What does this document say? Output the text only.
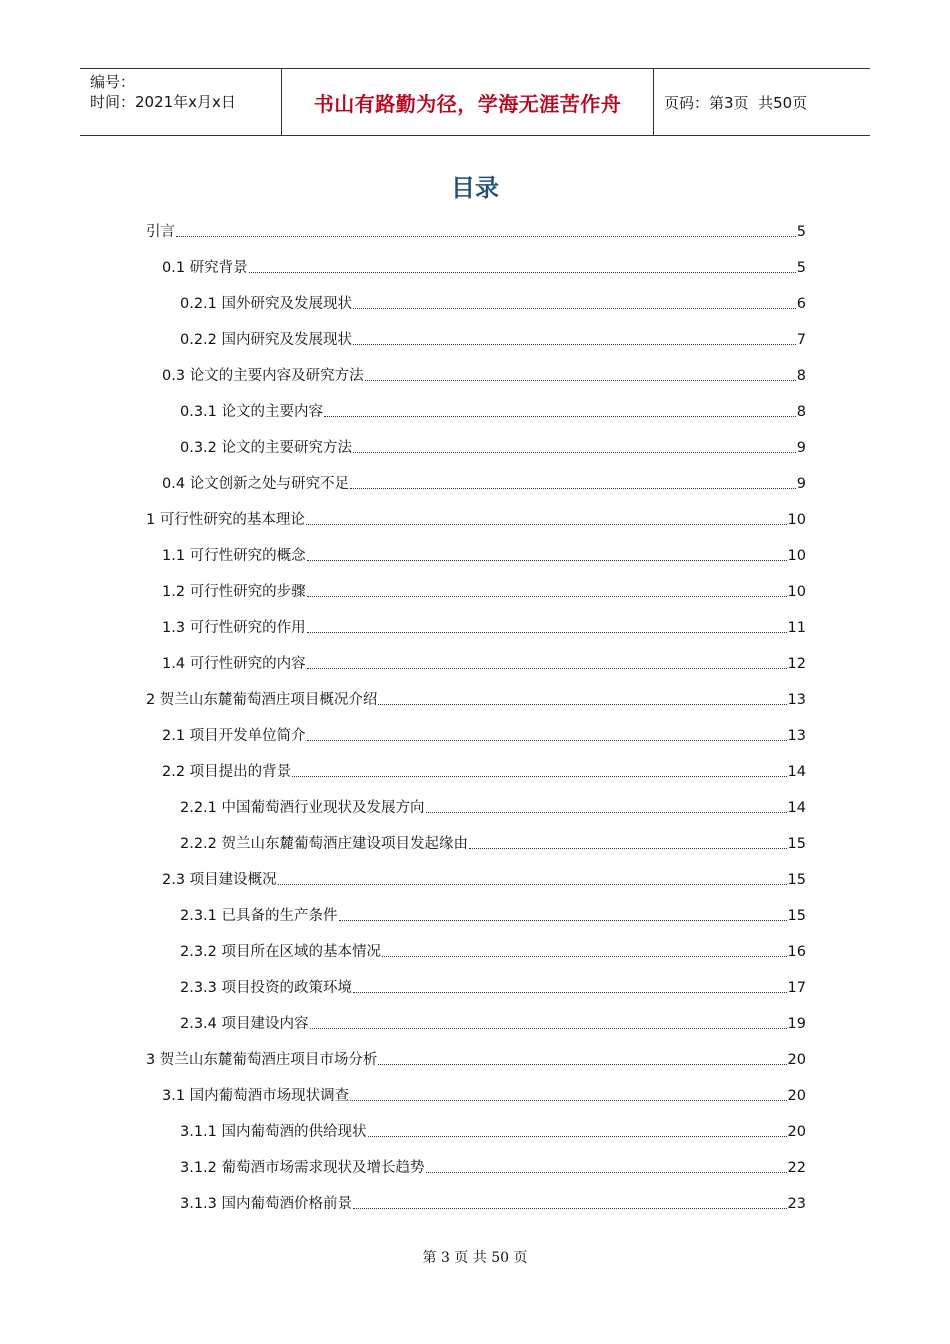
编号：
时间：2021年x月x日	书山有路勤为径，学海无涯苦作舟	页码：第3页  共50页
目录
引言	5
0.1 研究背景	5
0.2.1 国外研究及发展现状	6
0.2.2 国内研究及发展现状	7
0.3 论文的主要内容及研究方法	8
0.3.1 论文的主要内容	8
0.3.2 论文的主要研究方法	9
0.4 论文创新之处与研究不足	9
1 可行性研究的基本理论	10
1.1 可行性研究的概念	10
1.2 可行性研究的步骤	10
1.3 可行性研究的作用	11
1.4 可行性研究的内容	12
2 贺兰山东麓葡萄酒庄项目概况介绍	13
2.1 项目开发单位简介	13
2.2 项目提出的背景	14
2.2.1 中国葡萄酒行业现状及发展方向	14
2.2.2 贺兰山东麓葡萄酒庄建设项目发起缘由	15
2.3 项目建设概况	15
2.3.1 已具备的生产条件	15
2.3.2 项目所在区域的基本情况	16
2.3.3 项目投资的政策环境	17
2.3.4 项目建设内容	19
3 贺兰山东麓葡萄酒庄项目市场分析	20
3.1 国内葡萄酒市场现状调查	20
3.1.1 国内葡萄酒的供给现状	20
3.1.2 葡萄酒市场需求现状及增长趋势	22
3.1.3 国内葡萄酒价格前景	23
第 3 页 共 50 页
